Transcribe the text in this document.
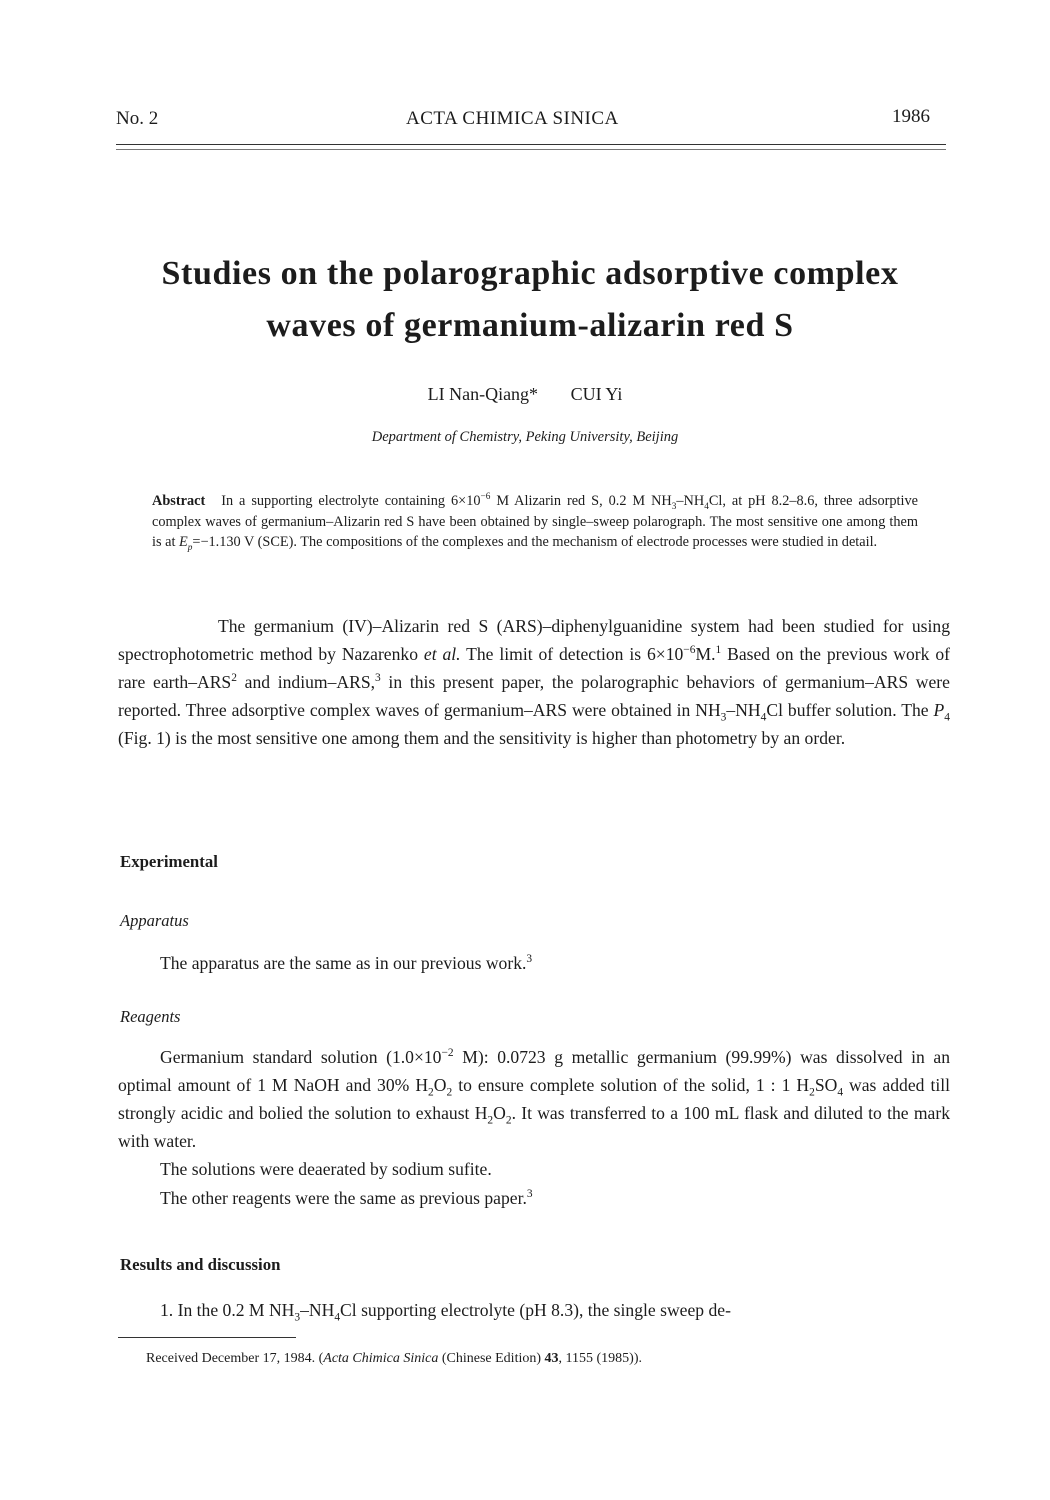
No. 2	ACTA CHIMICA SINICA	1986
Studies on the polarographic adsorptive complex
waves of germanium-alizarin red S
LI Nan-Qiang* CUI Yi
Department of Chemistry, Peking University, Beijing
Abstract In a supporting electrolyte containing $6\times 10^{-6}$ M Alizarin red S, 0.2 M $NH_3-NH_4Cl$, at pH 8.2–8.6, three adsorptive complex waves of germanium–Alizarin red S have been obtained by single–sweep polarograph. The most sensitive one among them is at $E_p=-1.130$ V (SCE). The compositions of the complexes and the mechanism of electrode processes were studied in detail.
The germanium (IV)–Alizarin red S (ARS)–diphenylguanidine system had been studied for using spectrophotometric method by Nazarenko et al. The limit of detection is $6\times 10^{-6}M.^1$ Based on the previous work of rare earth–ARS$^2$ and indium–ARS,$^3$ in this present paper, the polarographic behaviors of germanium–ARS were reported. Three adsorptive complex waves of germanium–ARS were obtained in $NH_3-NH_4Cl$ buffer solution. The $P_4$ (Fig. 1) is the most sensitive one among them and the sensitivity is higher than photometry by an order.
Experimental
Apparatus
The apparatus are the same as in our previous work.$^3$
Reagents
Germanium standard solution ($1.0\times 10^{-2}$ M): 0.0723 g metallic germanium (99.99%) was dissolved in an optimal amount of 1 M NaOH and 30% $H_2O_2$ to ensure complete solution of the solid, 1 : 1 $H_2SO_4$ was added till strongly acidic and bolied the solution to exhaust $H_2O_2$. It was transferred to a 100 mL flask and diluted to the mark with water.
The solutions were deaerated by sodium sufite.
The other reagents were the same as previous paper.$^3$
Results and discussion
1. In the 0.2 M $NH_3-NH_4Cl$ supporting electrolyte (pH 8.3), the single sweep de-
Received December 17, 1984. (Acta Chimica Sinica (Chinese Edition) 43, 1155 (1985)).
